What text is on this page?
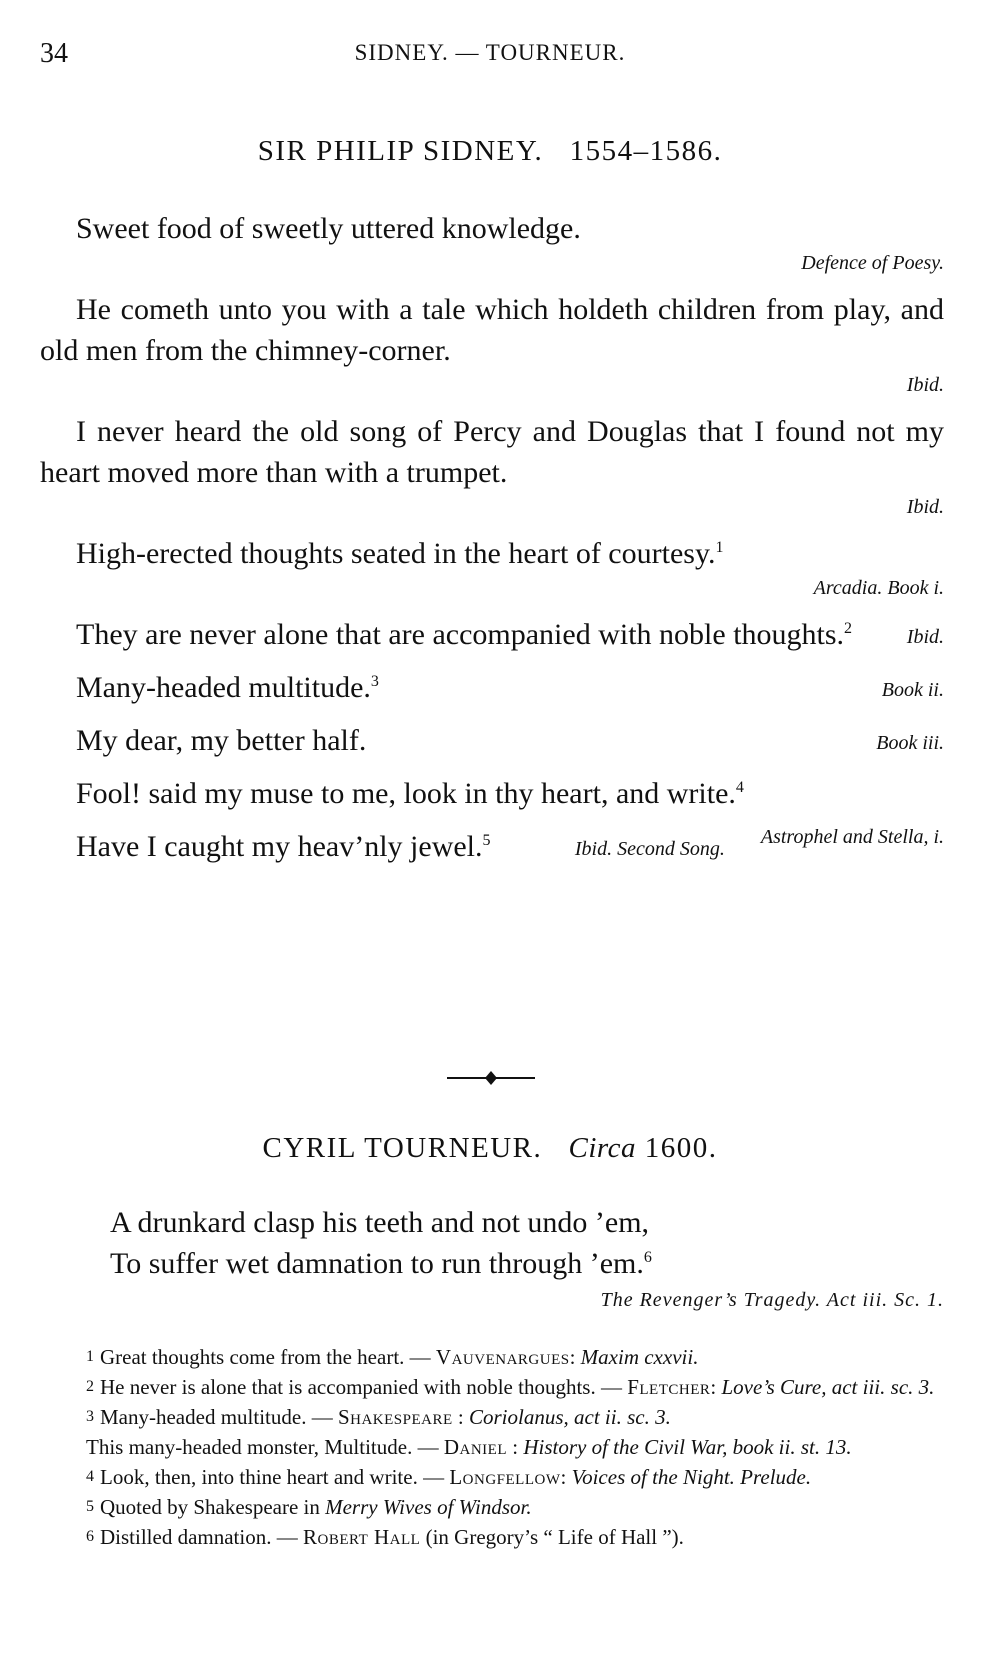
34	SIDNEY. — TOURNEUR.
SIR PHILIP SIDNEY. 1554–1586.
Sweet food of sweetly uttered knowledge.
Defence of Poesy.
He cometh unto you with a tale which holdeth children from play, and old men from the chimney-corner.
Ibid.
I never heard the old song of Percy and Douglas that I found not my heart moved more than with a trumpet.
Ibid.
High-erected thoughts seated in the heart of courtesy.$^1$
Arcadia. Book i.
They are never alone that are accompanied with noble thoughts.$^2$	Ibid.
Many-headed multitude.$^3$	Book ii.
My dear, my better half.	Book iii.
Fool! said my muse to me, look in thy heart, and write.$^4$
Astrophel and Stella, i.
Have I caught my heav’nly jewel.$^5$	Ibid. Second Song.
CYRIL TOURNEUR. Circa 1600.
A drunkard clasp his teeth and not undo ’em,
To suffer wet damnation to run through ’em.$^6$
The Revenger’s Tragedy. Act iii. Sc. 1.

$^1$ Great thoughts come from the heart. — Vauvenargues: Maxim cxxvii.

$^2$ He never is alone that is accompanied with noble thoughts. — Fletcher: Love’s Cure, act iii. sc. 3.

$^3$ Many-headed multitude. — Shakespeare : Coriolanus, act ii. sc. 3.

This many-headed monster, Multitude. — Daniel : History of the Civil War, book ii. st. 13.

$^4$ Look, then, into thine heart and write. — Longfellow: Voices of the Night. Prelude.

$^5$ Quoted by Shakespeare in Merry Wives of Windsor.

$^6$ Distilled damnation. — Robert Hall (in Gregory’s “ Life of Hall ”).
